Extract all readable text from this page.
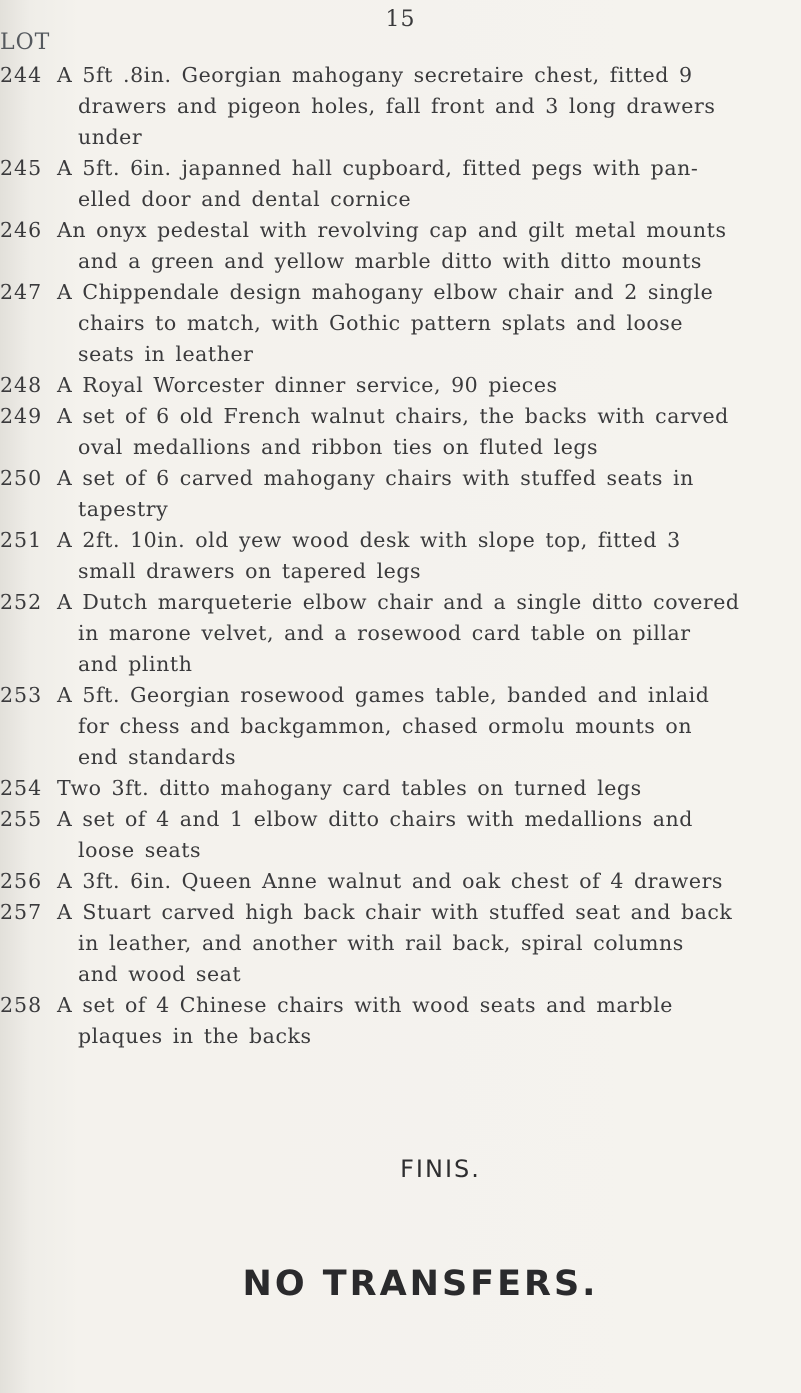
15
LOT
244 A 5ft .8in. Georgian mahogany secretaire chest, fitted 9
drawers and pigeon holes, fall front and 3 long drawers
under
245 A 5ft. 6in. japanned hall cupboard, fitted pegs with pan-
elled door and dental cornice
246 An onyx pedestal with revolving cap and gilt metal mounts
and a green and yellow marble ditto with ditto mounts
247 A Chippendale design mahogany elbow chair and 2 single
chairs to match, with Gothic pattern splats and loose
seats in leather
248 A Royal Worcester dinner service, 90 pieces
249 A set of 6 old French walnut chairs, the backs with carved
oval medallions and ribbon ties on fluted legs
250 A set of 6 carved mahogany chairs with stuffed seats in
tapestry
251 A 2ft. 10in. old yew wood desk with slope top, fitted 3
small drawers on tapered legs
252 A Dutch marqueterie elbow chair and a single ditto covered
in marone velvet, and a rosewood card table on pillar
and plinth
253 A 5ft. Georgian rosewood games table, banded and inlaid
for chess and backgammon, chased ormolu mounts on
end standards
254 Two 3ft. ditto mahogany card tables on turned legs
255 A set of 4 and 1 elbow ditto chairs with medallions and
loose seats
256 A 3ft. 6in. Queen Anne walnut and oak chest of 4 drawers
257 A Stuart carved high back chair with stuffed seat and back
in leather, and another with rail back, spiral columns
and wood seat
258 A set of 4 Chinese chairs with wood seats and marble
plaques in the backs
FINIS.
NO TRANSFERS.
